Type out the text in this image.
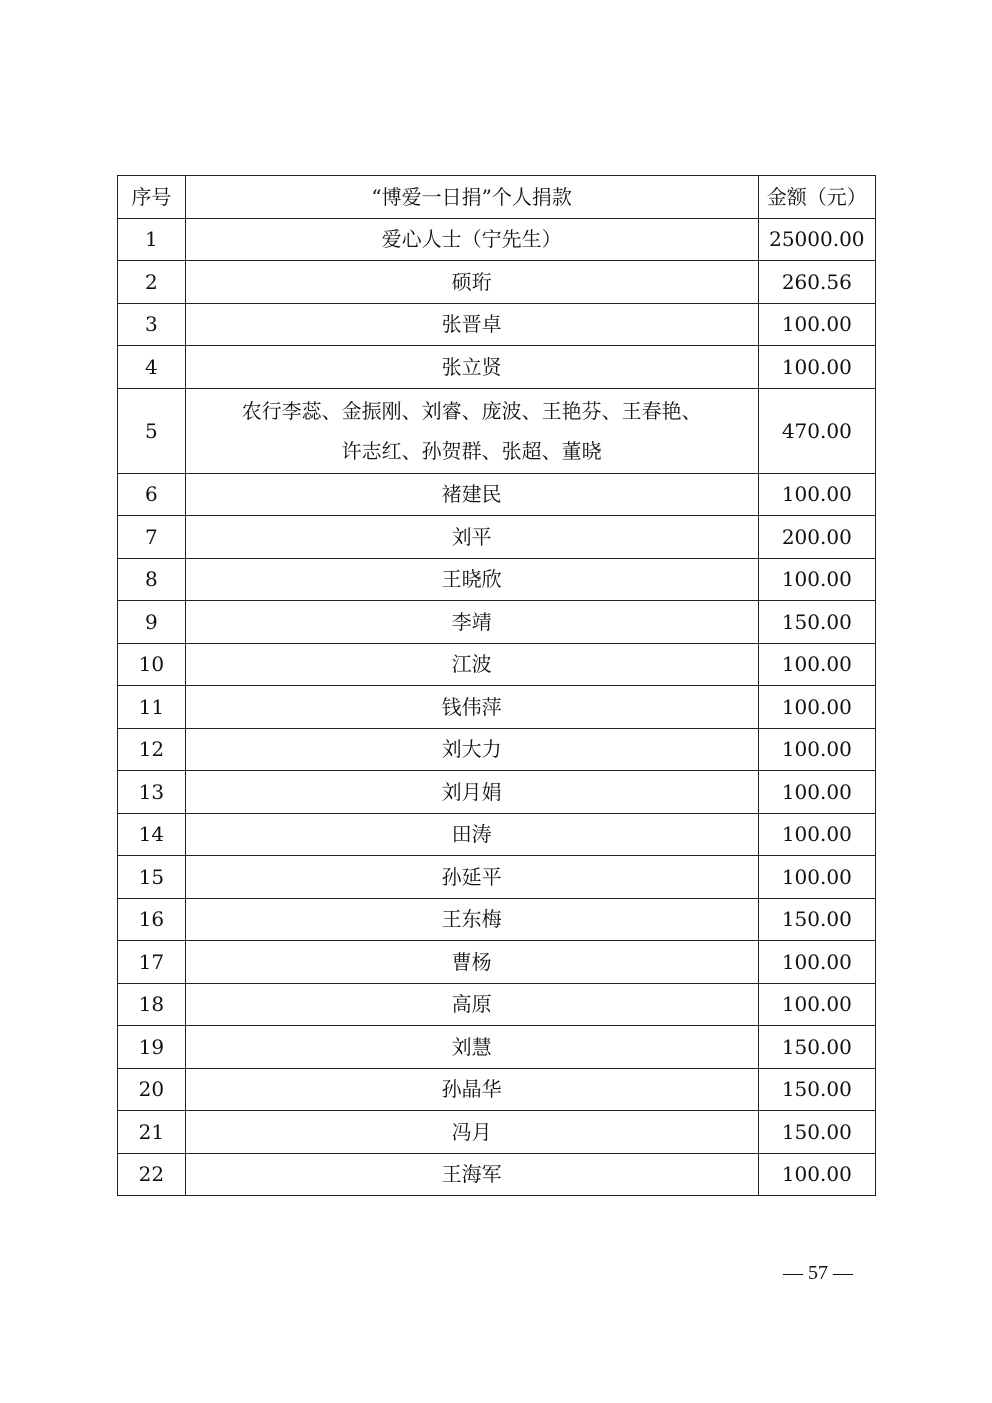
序号	“博爱一日捐”个人捐款	金额（元）
1	爱心人士（宁先生）	25000.00
2	硕珩	260.56
3	张晋卓	100.00
4	张立贤	100.00
5	农行李蕊、金振刚、刘睿、庞波、王艳芬、王春艳、
许志红、孙贺群、张超、董晓	470.00
6	褚建民	100.00
7	刘平	200.00
8	王晓欣	100.00
9	李靖	150.00
10	江波	100.00
11	钱伟萍	100.00
12	刘大力	100.00
13	刘月娟	100.00
14	田涛	100.00
15	孙延平	100.00
16	王东梅	150.00
17	曹杨	100.00
18	高原	100.00
19	刘慧	150.00
20	孙晶华	150.00
21	冯月	150.00
22	王海军	100.00
— 57 —
